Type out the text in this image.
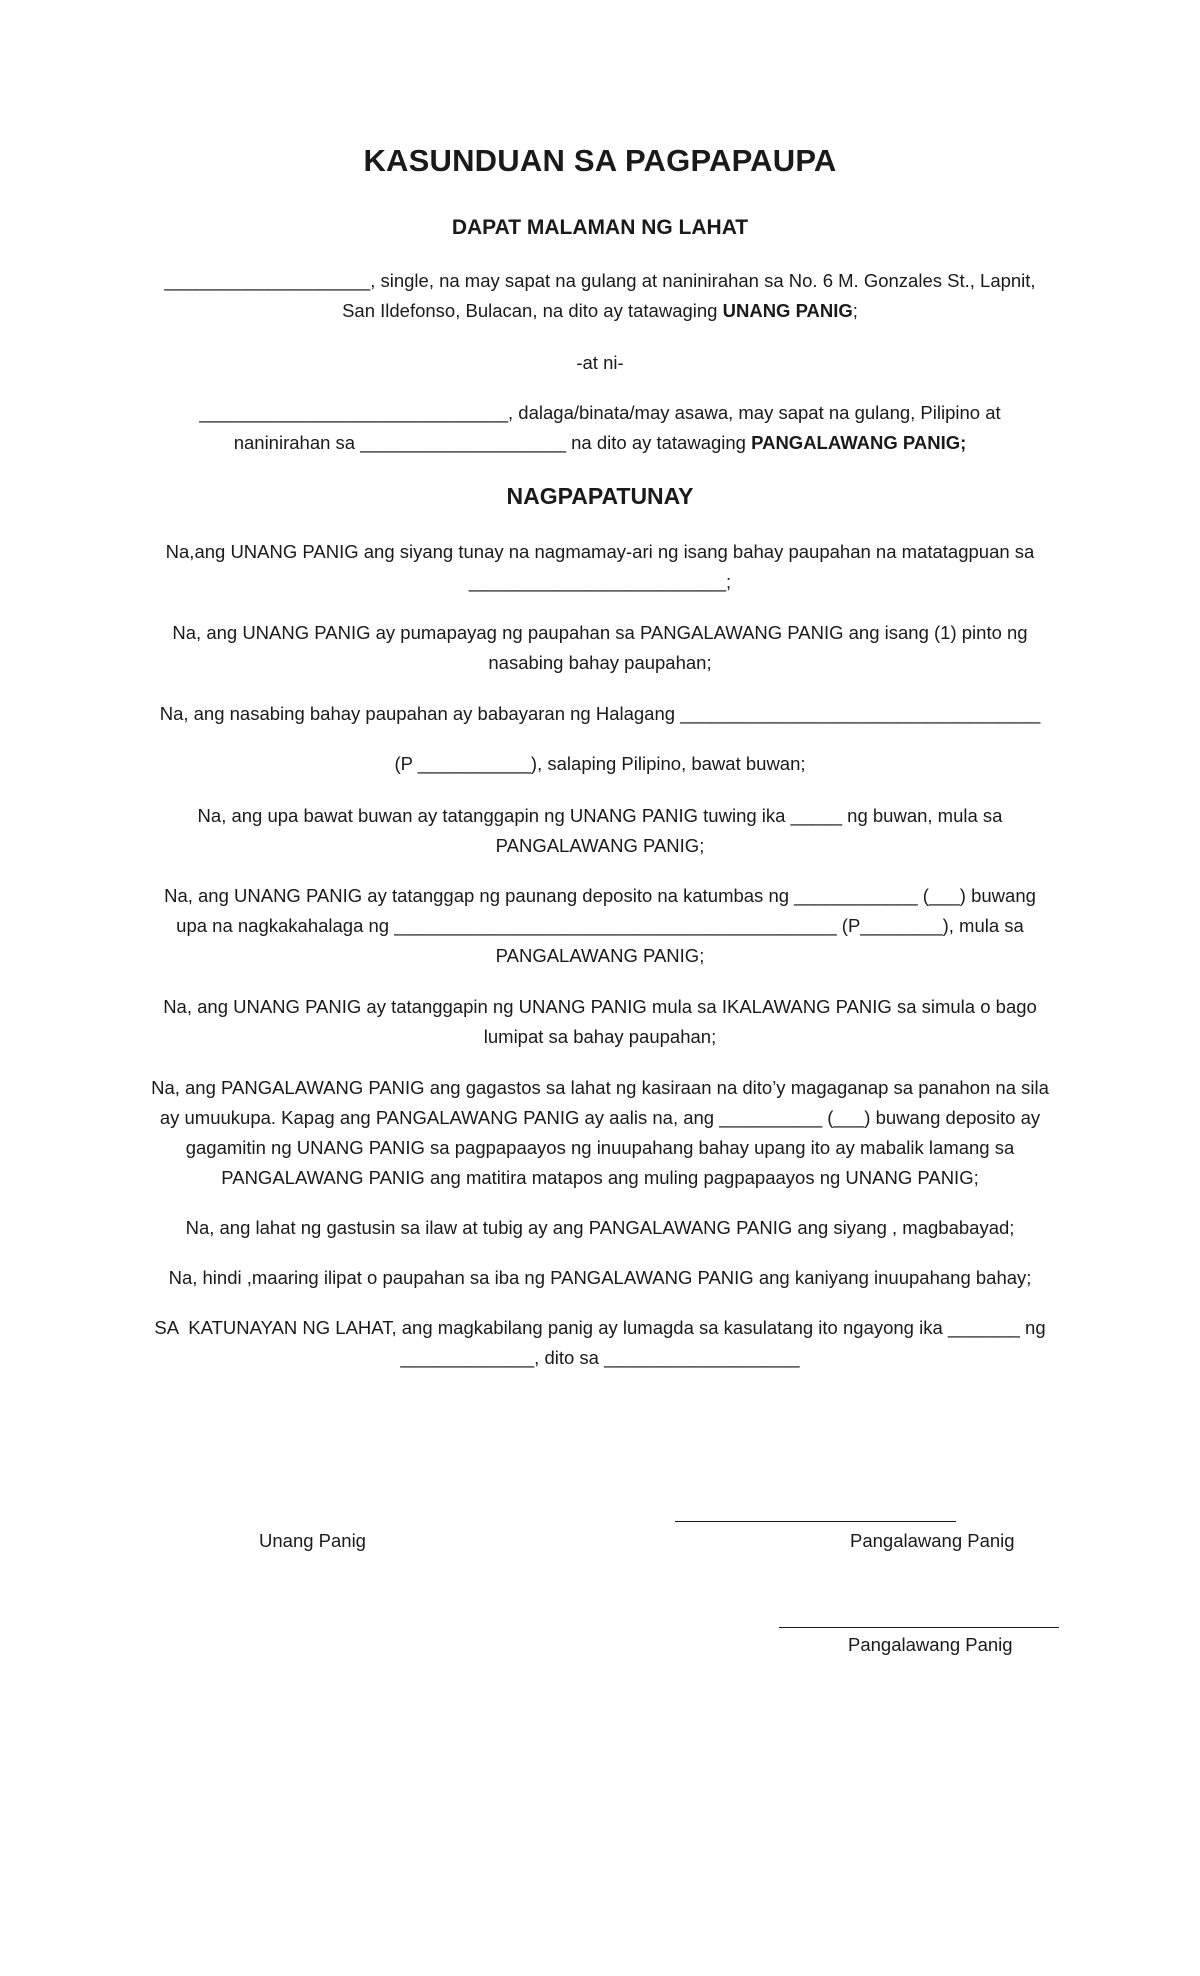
KASUNDUAN SA PAGPAPAUPA
DAPAT MALAMAN NG LAHAT
____________________, single, na may sapat na gulang at naninirahan sa No. 6 M. Gonzales St., Lapnit,
San Ildefonso, Bulacan, na dito ay tatawaging UNANG PANIG;
-at ni-
______________________________, dalaga/binata/may asawa, may sapat na gulang, Pilipino at
naninirahan sa ____________________ na dito ay tatawaging PANGALAWANG PANIG;
NAGPAPATUNAY
Na,ang UNANG PANIG ang siyang tunay na nagmamay-ari ng isang bahay paupahan na matatagpuan sa
_________________________;
Na, ang UNANG PANIG ay pumapayag ng paupahan sa PANGALAWANG PANIG ang isang (1) pinto ng
nasabing bahay paupahan;
Na, ang nasabing bahay paupahan ay babayaran ng Halagang ___________________________________
(P ___________), salaping Pilipino, bawat buwan;
Na, ang upa bawat buwan ay tatanggapin ng UNANG PANIG tuwing ika _____ ng buwan, mula sa
PANGALAWANG PANIG;
Na, ang UNANG PANIG ay tatanggap ng paunang deposito na katumbas ng ____________ (___) buwang
upa na nagkakahalaga ng ___________________________________________ (P________), mula sa
PANGALAWANG PANIG;
Na, ang UNANG PANIG ay tatanggapin ng UNANG PANIG mula sa IKALAWANG PANIG sa simula o bago
lumipat sa bahay paupahan;
Na, ang PANGALAWANG PANIG ang gagastos sa lahat ng kasiraan na dito’y magaganap sa panahon na sila
ay umuukupa. Kapag ang PANGALAWANG PANIG ay aalis na, ang __________ (___) buwang deposito ay
gagamitin ng UNANG PANIG sa pagpapaayos ng inuupahang bahay upang ito ay mabalik lamang sa
PANGALAWANG PANIG ang matitira matapos ang muling pagpapaayos ng UNANG PANIG;
Na, ang lahat ng gastusin sa ilaw at tubig ay ang PANGALAWANG PANIG ang siyang , magbabayad;
Na, hindi ,maaring ilipat o paupahan sa iba ng PANGALAWANG PANIG ang kaniyang inuupahang bahay;
SA  KATUNAYAN NG LAHAT, ang magkabilang panig ay lumagda sa kasulatang ito ngayong ika _______ ng
_____________, dito sa ___________________
Unang Panig	Pangalawang Panig
Pangalawang Panig
